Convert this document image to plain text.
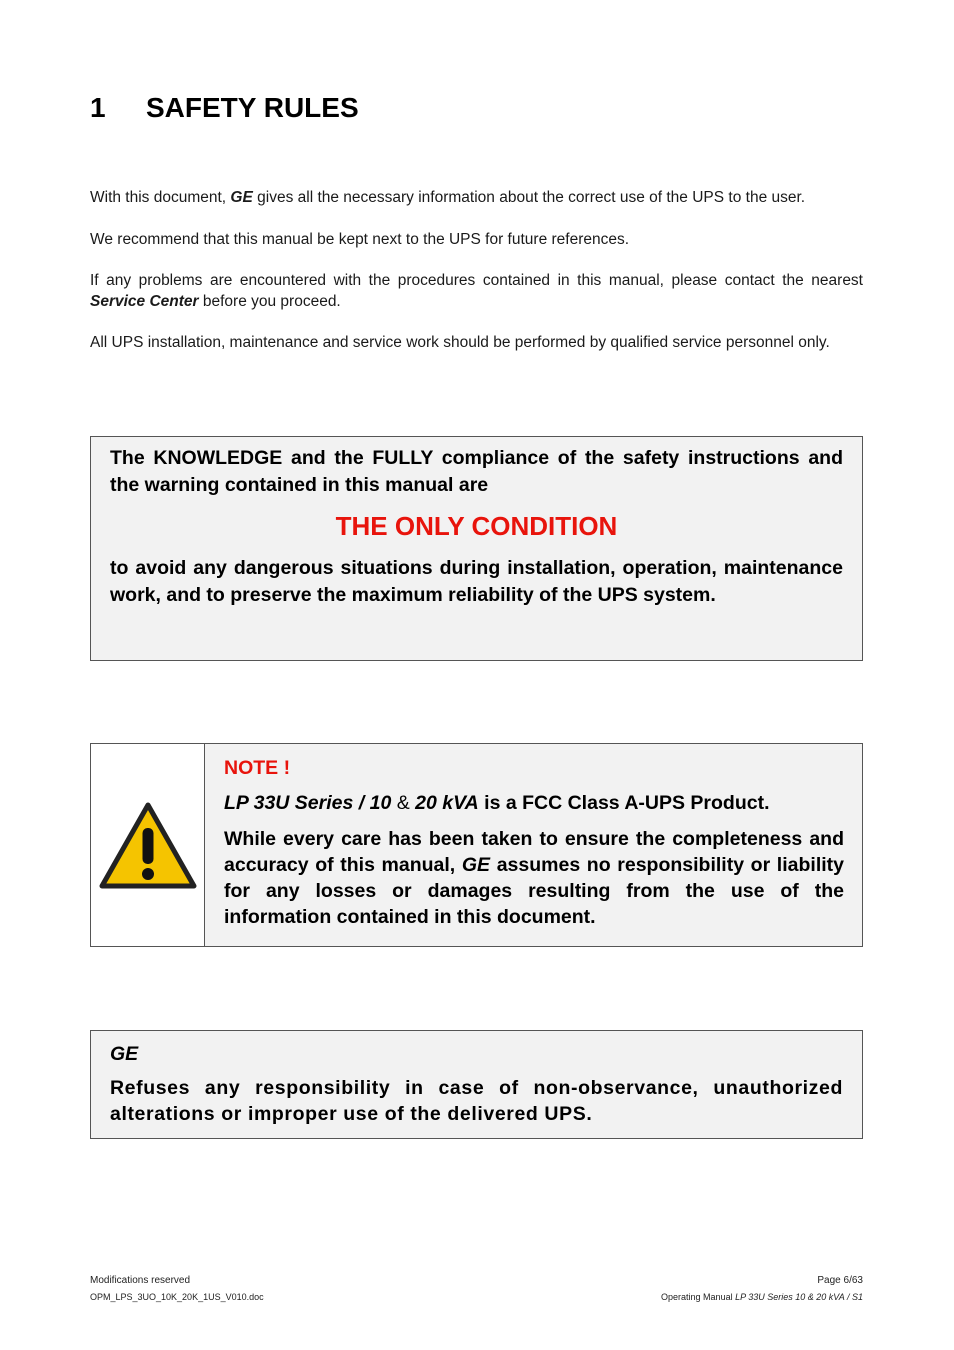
1 SAFETY RULES
With this document, GE gives all the necessary information about the correct use of the UPS to the user.
We recommend that this manual be kept next to the UPS for future references.
If any problems are encountered with the procedures contained in this manual, please contact the nearest Service Center before you proceed.
All UPS installation, maintenance and service work should be performed by qualified service personnel only.

The KNOWLEDGE and the FULLY compliance of the safety instructions and the warning contained in this manual are

THE ONLY CONDITION

to avoid any dangerous situations during installation, operation, maintenance work, and to preserve the maximum reliability of the UPS system.

NOTE !
LP 33U Series / 10 & 20 kVA is a FCC Class A-UPS Product.
While every care has been taken to ensure the completeness and accuracy of this manual, GE assumes no responsibility or liability for any losses or damages resulting from the use of the information contained in this document.
GE

Refuses any responsibility in case of non-observance, unauthorized alterations or improper use of the delivered UPS.

Modifications reserved
OPM_LPS_3UO_10K_20K_1US_V010.doc
Page 6/63
Operating Manual LP 33U Series 10 & 20 kVA / S1
